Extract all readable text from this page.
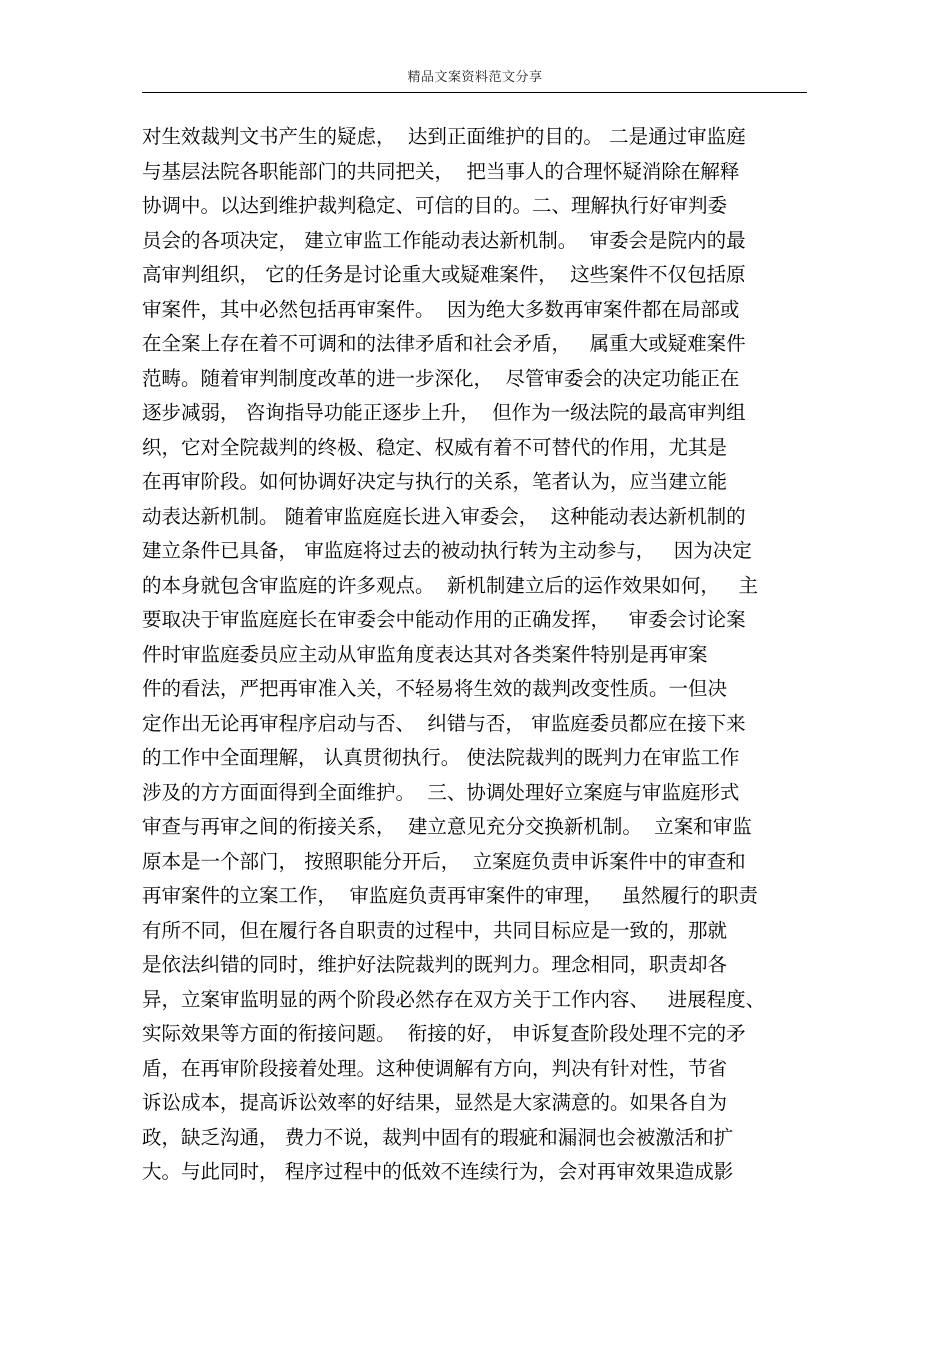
精品文案资料范文分享
对生效裁判文书产生的疑虑，  达到正面维护的目的。 二是通过审监庭
与基层法院各职能部门的共同把关，  把当事人的合理怀疑消除在解释
协调中。以达到维护裁判稳定、可信的目的。二、理解执行好审判委
员会的各项决定， 建立审监工作能动表达新机制。  审委会是院内的最
高审判组织， 它的任务是讨论重大或疑难案件，  这些案件不仅包括原
审案件，其中必然包括再审案件。  因为绝大多数再审案件都在局部或
在全案上存在着不可调和的法律矛盾和社会矛盾，   属重大或疑难案件
范畴。随着审判制度改革的进一步深化，  尽管审委会的决定功能正在
逐步减弱， 咨询指导功能正逐步上升，  但作为一级法院的最高审判组
织，它对全院裁判的终极、稳定、权威有着不可替代的作用，尤其是
在再审阶段。如何协调好决定与执行的关系，笔者认为，应当建立能
动表达新机制。 随着审监庭庭长进入审委会，  这种能动表达新机制的
建立条件已具备， 审监庭将过去的被动执行转为主动参与，   因为决定
的本身就包含审监庭的许多观点。  新机制建立后的运作效果如何，   主
要取决于审监庭庭长在审委会中能动作用的正确发挥，   审委会讨论案
件时审监庭委员应主动从审监角度表达其对各类案件特别是再审案
件的看法，严把再审准入关，不轻易将生效的裁判改变性质。一但决
定作出无论再审程序启动与否、  纠错与否， 审监庭委员都应在接下来
的工作中全面理解， 认真贯彻执行。 使法院裁判的既判力在审监工作
涉及的方方面面得到全面维护。  三、协调处理好立案庭与审监庭形式
审查与再审之间的衔接关系，  建立意见充分交换新机制。  立案和审监
原本是一个部门， 按照职能分开后，  立案庭负责申诉案件中的审查和
再审案件的立案工作，  审监庭负责再审案件的审理，   虽然履行的职责
有所不同，但在履行各自职责的过程中，共同目标应是一致的，那就
是依法纠错的同时，维护好法院裁判的既判力。理念相同，职责却各
异，立案审监明显的两个阶段必然存在双方关于工作内容、   进展程度、
实际效果等方面的衔接问题。  衔接的好， 申诉复查阶段处理不完的矛
盾，在再审阶段接着处理。这种使调解有方向，判决有针对性，节省
诉讼成本，提高诉讼效率的好结果，显然是大家满意的。如果各自为
政，缺乏沟通， 费力不说，裁判中固有的瑕疵和漏洞也会被激活和扩
大。与此同时， 程序过程中的低效不连续行为，会对再审效果造成影
